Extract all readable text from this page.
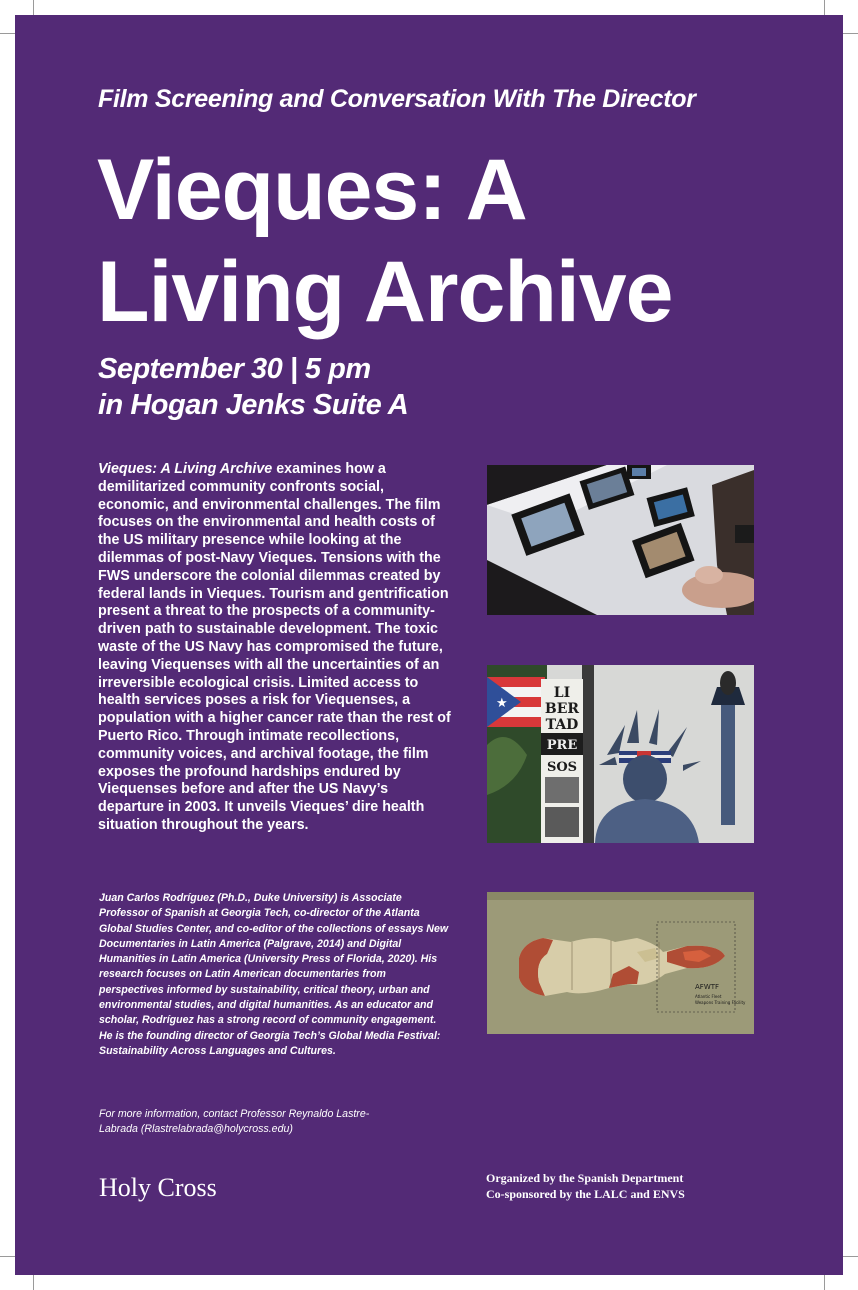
Film Screening and Conversation With The Director
Vieques: A
Living Archive
September 30 | 5 pm
in Hogan Jenks Suite A
Vieques: A Living Archive examines how a demilitarized community confronts social, economic, and environmental challenges. The film focuses on the environmental and health costs of the US military presence while looking at the dilemmas of post-Navy Vieques. Tensions with the FWS underscore the colonial dilemmas created by federal lands in Vieques. Tourism and gentrification present a threat to the prospects of a community-driven path to sustainable development. The toxic waste of the US Navy has compromised the future, leaving Viequenses with all the uncertainties of an irreversible ecological crisis. Limited access to health services poses a risk for Viequenses, a population with a higher cancer rate than the rest of Puerto Rico. Through intimate recollections, community voices, and archival footage, the film exposes the profound hardships endured by Viequenses before and after the US Navy’s departure in 2003. It unveils Vieques’ dire health situation throughout the years.
Juan Carlos Rodríguez (Ph.D., Duke University) is Associate Professor of Spanish at Georgia Tech, co-director of the Atlanta Global Studies Center, and co-editor of the collections of essays New Documentaries in Latin America (Palgrave, 2014) and Digital Humanities in Latin America (University Press of Florida, 2020). His research focuses on Latin American documentaries from perspectives informed by sustainability, critical theory, urban and environmental studies, and digital humanities. As an educator and scholar, Rodríguez has a strong record of community engagement. He is the founding director of Georgia Tech’s Global Media Festival: Sustainability Across Languages and Cultures.
For more information, contact Professor Reynaldo Lastre-Labrada (Rlastrelabrada@holycross.edu)
Holy Cross	Organized by the Spanish Department
Co-sponsored by the LALC and ENVS
★
LI
BER
TAD
PRE
SOS
AFWTF
Atlantic Fleet
Weapons Training Facility
